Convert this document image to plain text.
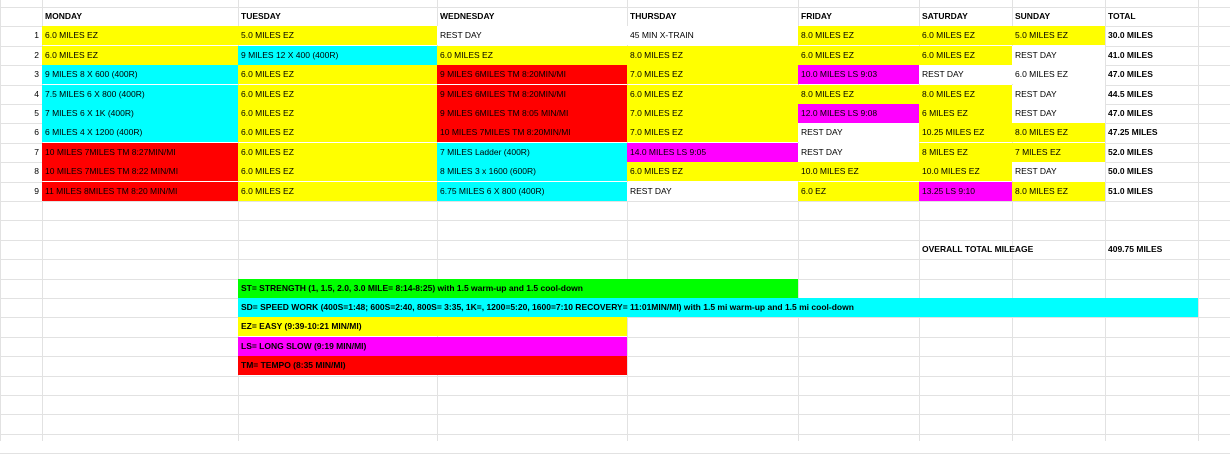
MONDAY	TUESDAY	WEDNESDAY	THURSDAY	FRIDAY	SATURDAY	SUNDAY	TOTAL
1 6.0 MILES EZ	5.0 MILES EZ	REST DAY	45 MIN X-TRAIN	8.0 MILES EZ	6.0 MILES EZ	5.0 MILES EZ	30.0 MILES
2 6.0 MILES EZ	9 MILES 12 X 400 (400R)	6.0 MILES EZ	8.0 MILES EZ	6.0 MILES EZ	6.0 MILES EZ	REST DAY	41.0 MILES
3 9 MILES 8 X 600 (400R)	6.0 MILES EZ	9 MILES 6MILES TM 8:20MIN/MI	7.0 MILES EZ	10.0 MILES LS 9:03	REST DAY	6.0 MILES EZ	47.0 MILES
4 7.5 MILES 6 X 800 (400R)	6.0 MILES EZ	9 MILES 6MILES TM 8:20MIN/MI	6.0 MILES EZ	8.0 MILES EZ	8.0 MILES EZ	REST DAY	44.5 MILES
5 7 MILES 6 X 1K (400R)	6.0 MILES EZ	9 MILES 6MILES TM 8:05 MIN/MI	7.0 MILES EZ	12.0 MILES LS 9:08	6 MILES EZ	REST DAY	47.0 MILES
6 6 MILES 4 X 1200 (400R)	6.0 MILES EZ	10 MILES 7MILES TM 8:20MIN/MI	7.0 MILES EZ	REST DAY	10.25 MILES EZ	8.0 MILES EZ	47.25 MILES
7 10 MILES 7MILES TM 8:27MIN/MI	6.0 MILES EZ	7 MILES Ladder (400R)	14.0 MILES LS 9:05	REST DAY	8 MILES EZ	7 MILES EZ	52.0 MILES
8 10 MILES 7MILES TM 8:22 MIN/MI	6.0 MILES EZ	8 MILES 3 x 1600 (600R)	6.0 MILES EZ	10.0 MILES EZ	10.0 MILES EZ	REST DAY	50.0 MILES
9 11 MILES 8MILES TM 8:20 MIN/MI	6.0 MILES EZ	6.75 MILES 6 X 800 (400R)	REST DAY	6.0 EZ	13.25 LS 9:10	8.0 MILES EZ	51.0 MILES
OVERALL TOTAL MILEAGE	409.75 MILES
ST= STRENGTH (1, 1.5, 2.0, 3.0 MILE= 8:14-8:25) with 1.5 warm-up and 1.5 cool-down
SD= SPEED WORK (400S=1:48; 600S=2:40, 800S= 3:35, 1K=, 1200=5:20, 1600=7:10 RECOVERY= 11:01MIN/MI) with 1.5 mi warm-up and 1.5 mi cool-down
EZ= EASY (9:39-10:21 MIN/MI)
LS= LONG SLOW (9:19 MIN/MI)
TM= TEMPO (8:35 MIN/MI)
